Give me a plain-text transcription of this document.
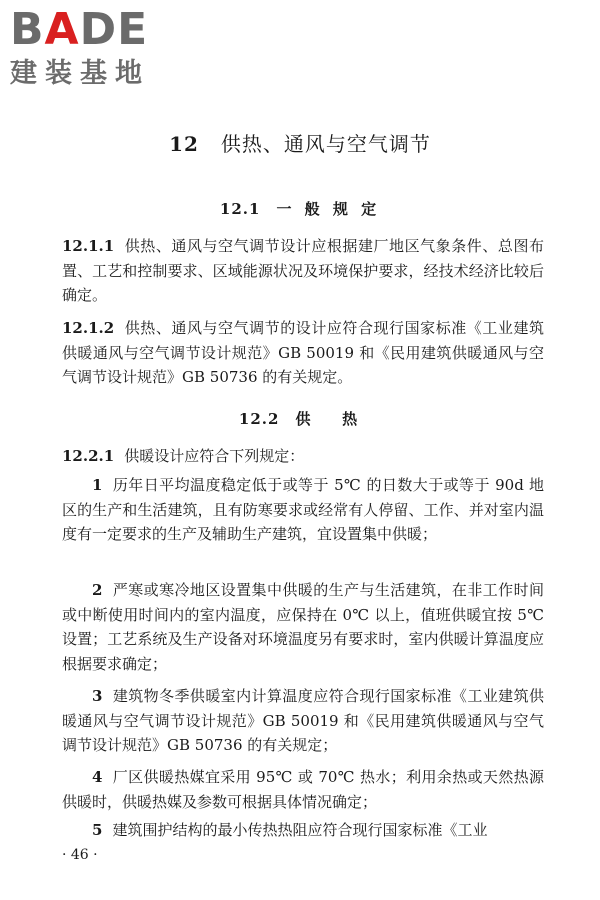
BADE
建装基地
12 供热、通风与空气调节
12.1 一 般 规 定
12.1.1 供热、通风与空气调节设计应根据建厂地区气象条件、总图布置、工艺和控制要求、区域能源状况及环境保护要求，经技术经济比较后确定。
12.1.2 供热、通风与空气调节的设计应符合现行国家标准《工业建筑供暖通风与空气调节设计规范》GB 50019 和《民用建筑供暖通风与空气调节设计规范》GB 50736 的有关规定。
12.2 供   热
12.2.1 供暖设计应符合下列规定：
1 历年日平均温度稳定低于或等于 5℃ 的日数大于或等于 90d 地区的生产和生活建筑，且有防寒要求或经常有人停留、工作、并对室内温度有一定要求的生产及辅助生产建筑，宜设置集中供暖；
2 严寒或寒冷地区设置集中供暖的生产与生活建筑，在非工作时间或中断使用时间内的室内温度，应保持在 0℃ 以上，值班供暖宜按 5℃ 设置；工艺系统及生产设备对环境温度另有要求时，室内供暖计算温度应根据要求确定；
3 建筑物冬季供暖室内计算温度应符合现行国家标准《工业建筑供暖通风与空气调节设计规范》GB 50019 和《民用建筑供暖通风与空气调节设计规范》GB 50736 的有关规定；
4 厂区供暖热媒宜采用 95℃ 或 70℃ 热水；利用余热或天然热源供暖时，供暖热媒及参数可根据具体情况确定；
5 建筑围护结构的最小传热热阻应符合现行国家标准《工业
· 46 ·
